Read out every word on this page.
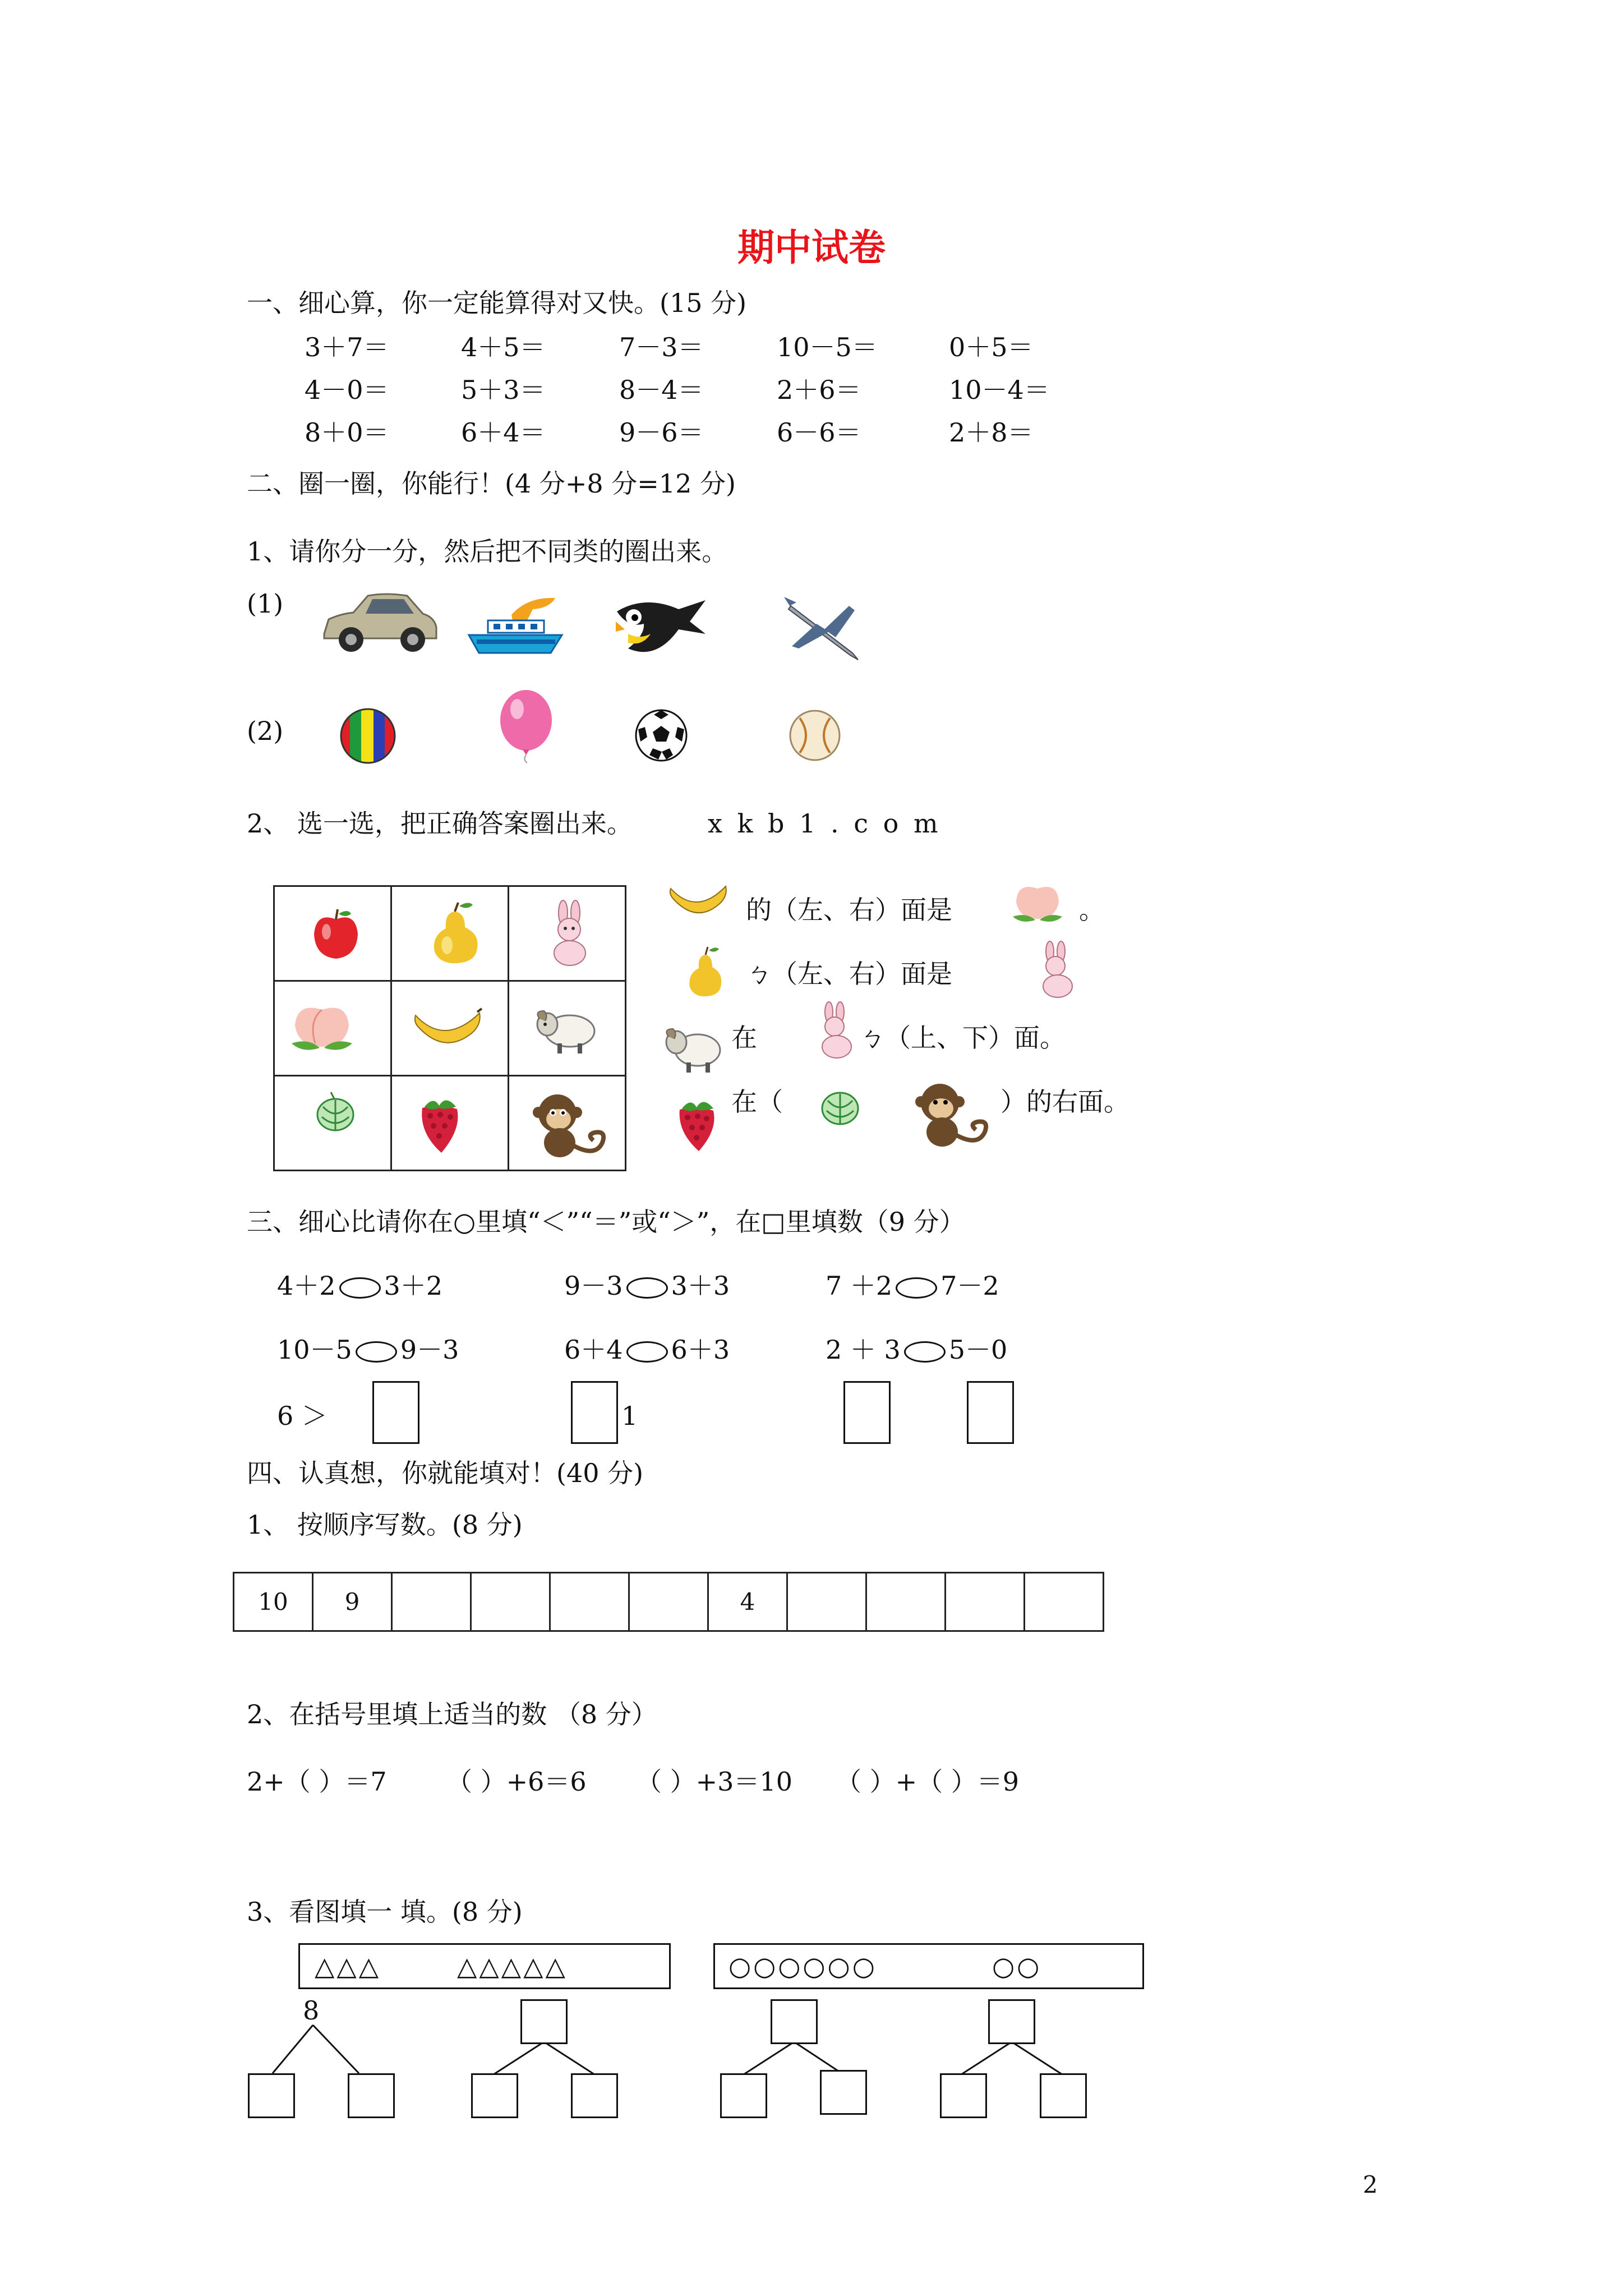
期中试卷
一、细心算，你一定能算得对又快。(15 分)
3＋7＝	4＋5＝	7－3＝	10－5＝	0＋5＝
4－0＝	5＋3＝	8－4＝	2＋6＝	10－4＝
8＋0＝	6＋4＝	9－6＝	6－6＝	2＋8＝
二、圈一圈，你能行！(4 分+8 分=12 分)
1、请你分一分，然后把不同类的圈出来。
(1)
(2)
2、 选一选，把正确答案圈出来。	x k b 1 . c o m

的（左、右）面是	。
ㄅ（左、右）面是
在	ㄅ（上、下）面。
在（	）的右面。
三、细心比请你在○里填“＜”“＝”或“＞”，在□里填数（9 分）
4＋2 3＋2	9－3 3＋3	7 ＋2 7－2
10－5 9－3	6＋4 6＋3	2 ＋ 3 5－0
6 ＞	1
四、认真想，你就能填对！(40 分)
1、 按顺序写数。(8 分)
10	9					4				
2、在括号里填上适当的数 （8 分）
2+（ ）＝7 （ ）+6＝6 （ ）+3＝10 （ ）+（ ）＝9
3、看图填一 填。(8 分)
△△△	△△△△△	○○○○○○	○○
8
2
